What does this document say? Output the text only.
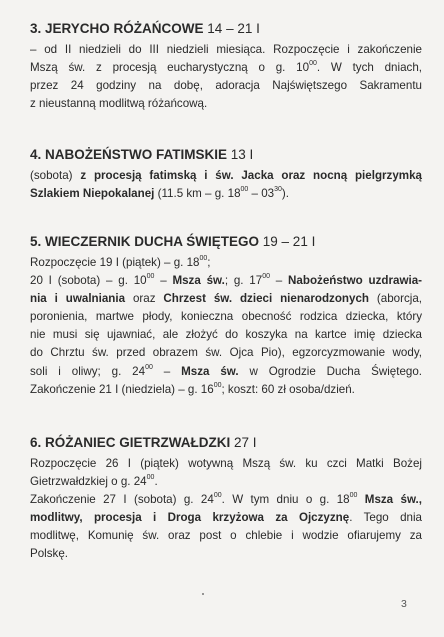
3. JERYCHO RÓŻAŃCOWE 14 – 21 I
– od II niedzieli do III niedzieli miesiąca. Rozpoczęcie i zakończenie
Mszą św. z procesją eucharystyczną o g. $10^{00}$. W tych dniach,
przez 24 godziny na dobę, adoracja Najświętszego Sakramentu
z nieustanną modlitwą różańcową.
4. NABOŻEŃSTWO FATIMSKIE 13 I
(sobota) z procesją fatimską i św. Jacka oraz nocną pielgrzymką
Szlakiem Niepokalanej (11.5 km – g. $18^{00} - 03^{30}$).
5. WIECZERNIK DUCHA ŚWIĘTEGO 19 – 21 I
Rozpoczęcie 19 I (piątek) – g. $18^{00}$;
20 I (sobota) – g. $10^{00}$ – Msza św.; g. $17^{00}$ – Nabożeństwo uzdrawia-
nia i uwalniania oraz Chrzest św. dzieci nienarodzonych (aborcja,
poronienia, martwe płody, konieczna obecność rodzica dziecka, który
nie musi się ujawniać, ale złożyć do koszyka na kartce imię dziecka
do Chrztu św. przed obrazem św. Ojca Pio), egzorcyzmowanie wody,
soli i oliwy; g. $24^{00}$ – Msza św. w Ogrodzie Ducha Świętego.
Zakończenie 21 I (niedziela) – g. $16^{00}$; koszt: 60 zł osoba/dzień.
6. RÓŻANIEC GIETRZWAŁDZKI 27 I
Rozpoczęcie 26 I (piątek) wotywną Mszą św. ku czci Matki Bożej
Gietrzwałdzkiej o g. $24^{00}$.
Zakończenie 27 I (sobota) g. $24^{00}$. W tym dniu o g. $18^{00}$ Msza św.,
modlitwy, procesja i Droga krzyżowa za Ojczyznę. Tego dnia
modlitwę, Komunię św. oraz post o chlebie i wodzie ofiarujemy za
Polskę.
3
